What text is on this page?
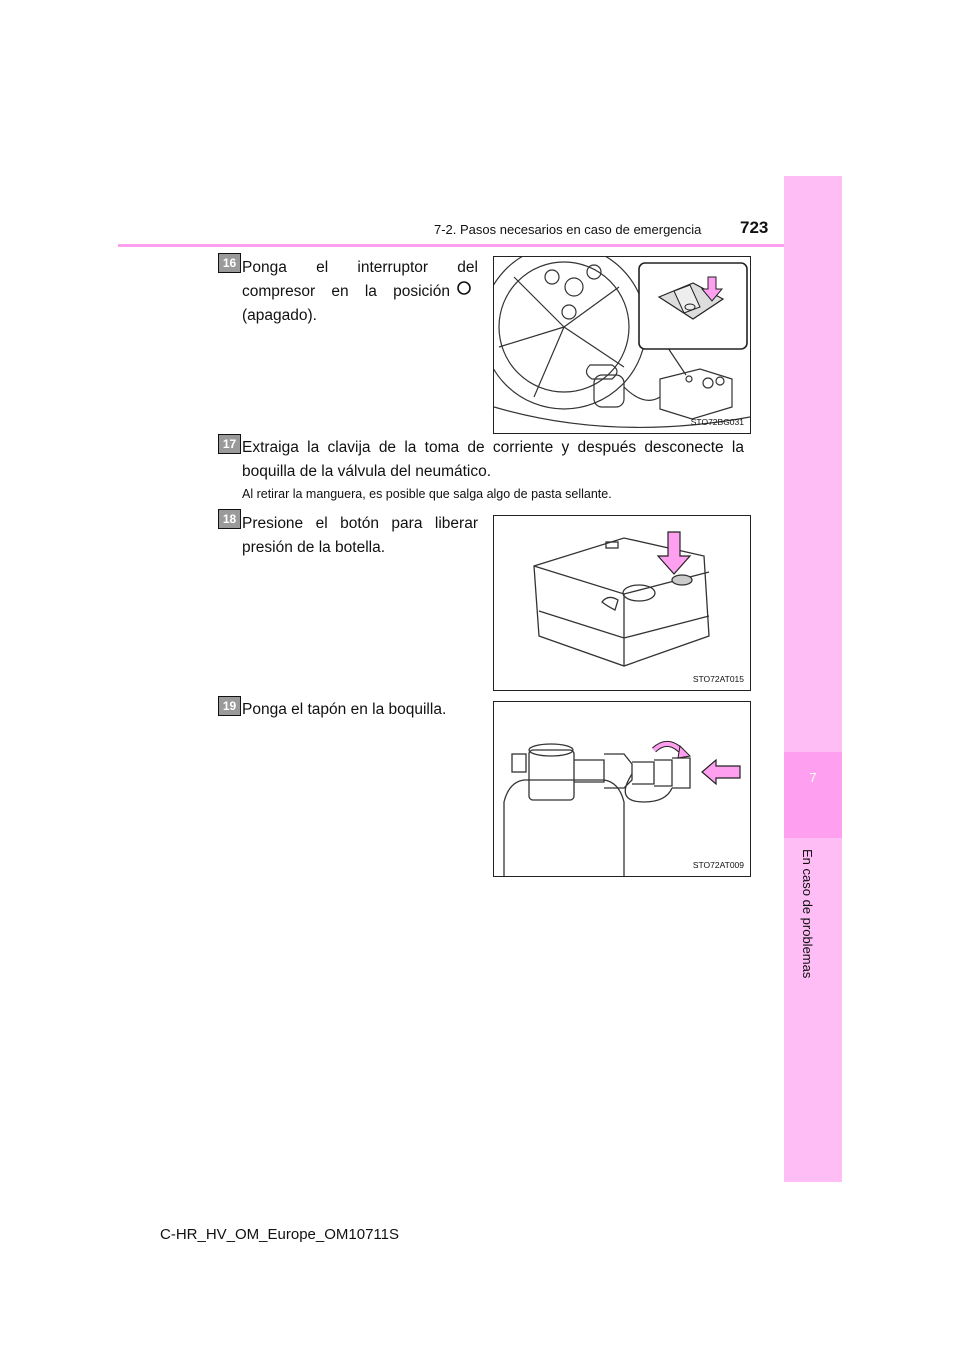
7-2. Pasos necesarios en caso de emergencia 723
7
En caso de problemas
16 Ponga el interruptor del compresor en la posición(apagado).
STO72BG031
17 Extraiga la clavija de la toma de corriente y después desconecte la boquilla de la válvula del neumático.
Al retirar la manguera, es posible que salga algo de pasta sellante.
18 Presione el botón para liberar presión de la botella.
STO72AT015
19 Ponga el tapón en la boquilla.
STO72AT009
C-HR_HV_OM_Europe_OM10711S
